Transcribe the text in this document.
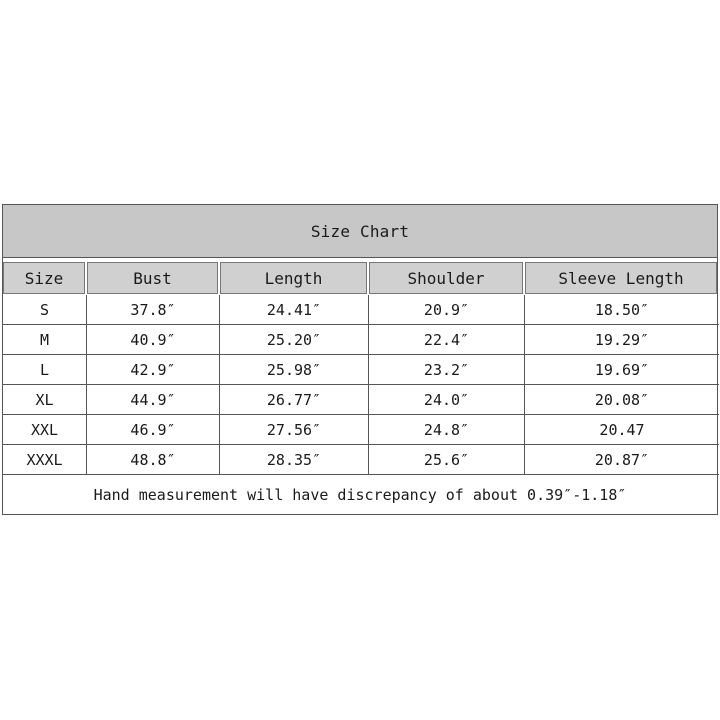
Size Chart
Size	Bust	Length	Shoulder	Sleeve Length
S	37.8″	24.41″	20.9″	18.50″
M	40.9″	25.20″	22.4″	19.29″
L	42.9″	25.98″	23.2″	19.69″
XL	44.9″	26.77″	24.0″	20.08″
XXL	46.9″	27.56″	24.8″	20.47
XXXL	48.8″	28.35″	25.6″	20.87″
Hand measurement will have discrepancy of about 0.39″-1.18″
